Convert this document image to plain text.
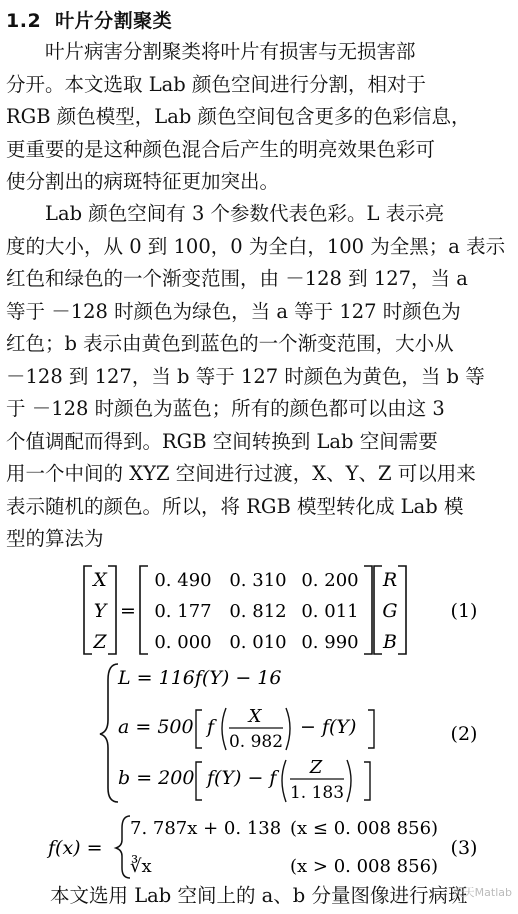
1.2 叶片分割聚类
叶片病害分割聚类将叶片有损害与无损害部
分开。本文选取 Lab 颜色空间进行分割，相对于
RGB 颜色模型，Lab 颜色空间包含更多的色彩信息，
更重要的是这种颜色混合后产生的明亮效果色彩可
使分割出的病斑特征更加突出。
Lab 颜色空间有 3 个参数代表色彩。L 表示亮
度的大小，从 0 到 100，0 为全白，100 为全黑；a 表示
红色和绿色的一个渐变范围，由 －128 到 127，当 a
等于 －128 时颜色为绿色，当 a 等于 127 时颜色为
红色；b 表示由黄色到蓝色的一个渐变范围，大小从
－128 到 127，当 b 等于 127 时颜色为黄色，当 b 等
于 －128 时颜色为蓝色；所有的颜色都可以由这 3
个值调配而得到。RGB 空间转换到 Lab 空间需要
用一个中间的 XYZ 空间进行过渡，X、Y、Z 可以用来
表示随机的颜色。所以，将 RGB 模型转化成 Lab 模
型的算法为
X
Y
Z
=
0. 490 0. 310 0. 200
0. 177 0. 812 0. 011
0. 000 0. 010 0. 990
R
G
B
(1)
L = 116f(Y) − 16
a = 500 f X
0. 982
− f(Y)
b = 200 f(Y) − f Z
1. 183
(2)
f(x) =
7. 787x + 0. 138 (x ≤ 0. 008 856)
∛x	(x > 0. 008 856)
(3)
本文选用 Lab 空间上的 a、b 分量图像进行病斑
天天Matlab
